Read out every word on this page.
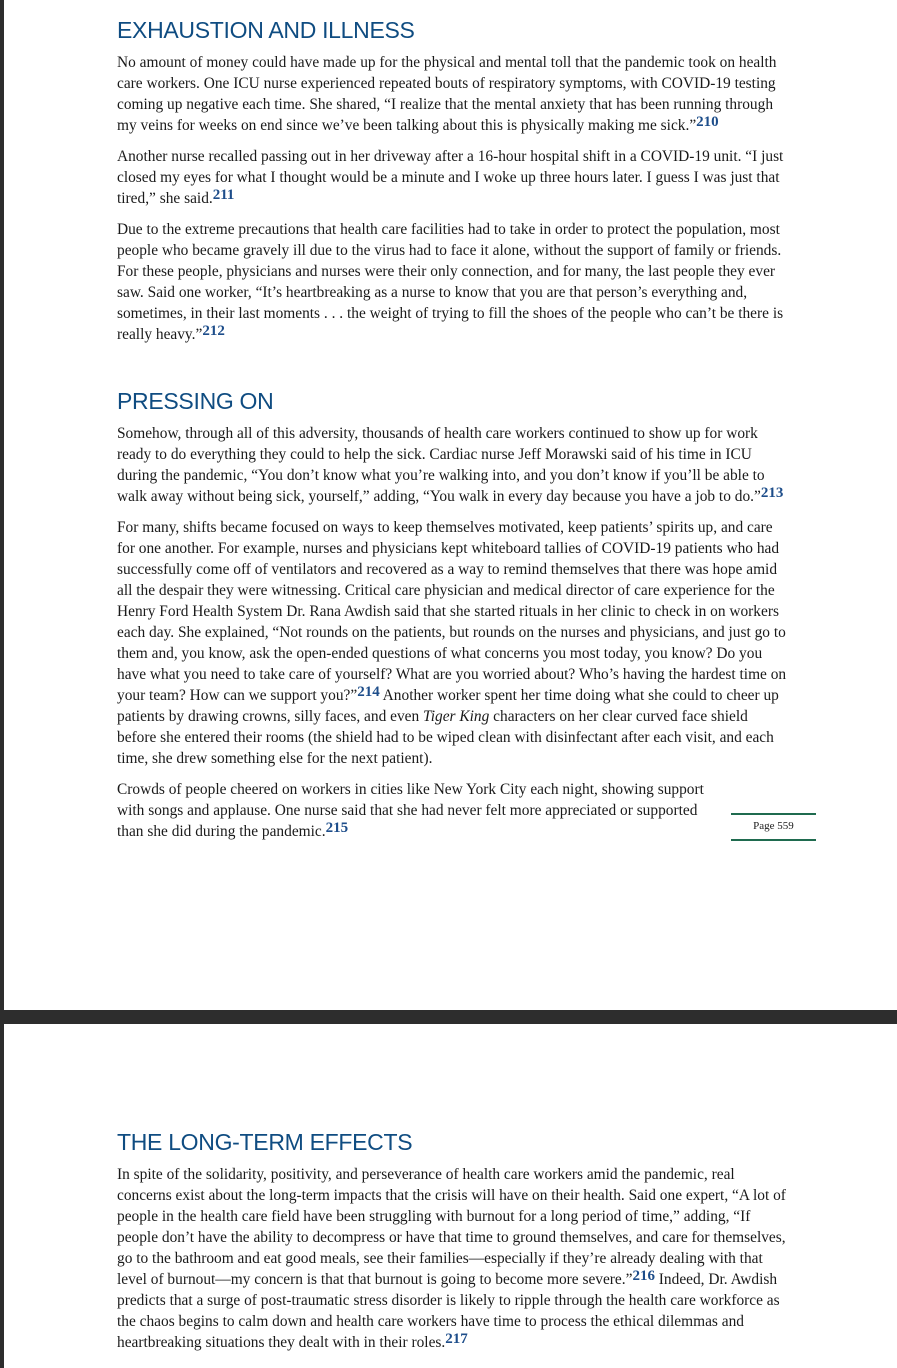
EXHAUSTION AND ILLNESS

No amount of money could have made up for the physical and mental toll that the pandemic took on health care workers. One ICU nurse experienced repeated bouts of respiratory symptoms, with COVID-19 testing coming up negative each time. She shared, “I realize that the mental anxiety that has been running through my veins for weeks on end since we’ve been talking about this is physically making me sick.”$^{210}$

Another nurse recalled passing out in her driveway after a 16-hour hospital shift in a COVID-19 unit. “I just closed my eyes for what I thought would be a minute and I woke up three hours later. I guess I was just that tired,” she said.$^{211}$

Due to the extreme precautions that health care facilities had to take in order to protect the population, most people who became gravely ill due to the virus had to face it alone, without the support of family or friends. For these people, physicians and nurses were their only connection, and for many, the last people they ever saw. Said one worker, “It’s heartbreaking as a nurse to know that you are that person’s everything and, sometimes, in their last moments . . . the weight of trying to fill the shoes of the people who can’t be there is really heavy.”$^{212}$

PRESSING ON

Somehow, through all of this adversity, thousands of health care workers continued to show up for work ready to do everything they could to help the sick. Cardiac nurse Jeff Morawski said of his time in ICU during the pandemic, “You don’t know what you’re walking into, and you don’t know if you’ll be able to walk away without being sick, yourself,” adding, “You walk in every day because you have a job to do.”$^{213}$

For many, shifts became focused on ways to keep themselves motivated, keep patients’ spirits up, and care for one another. For example, nurses and physicians kept whiteboard tallies of COVID-19 patients who had successfully come off of ventilators and recovered as a way to remind themselves that there was hope amid all the despair they were witnessing. Critical care physician and medical director of care experience for the Henry Ford Health System Dr. Rana Awdish said that she started rituals in her clinic to check in on workers each day. She explained, “Not rounds on the patients, but rounds on the nurses and physicians, and just go to them and, you know, ask the open-ended questions of what concerns you most today, you know? Do you have what you need to take care of yourself? What are you worried about? Who’s having the hardest time on your team? How can we support you?”$^{214}$ Another worker spent her time doing what she could to cheer up patients by drawing crowns, silly faces, and even Tiger King characters on her clear curved face shield before she entered their rooms (the shield had to be wiped clean with disinfectant after each visit, and each time, she drew something else for the next patient).

Crowds of people cheered on workers in cities like New York City each night, showing support with songs and applause. One nurse said that she had never felt more appreciated or supported than she did during the pandemic.$^{215}$	Page 559
THE LONG-TERM EFFECTS

In spite of the solidarity, positivity, and perseverance of health care workers amid the pandemic, real concerns exist about the long-term impacts that the crisis will have on their health. Said one expert, “A lot of people in the health care field have been struggling with burnout for a long period of time,” adding, “If people don’t have the ability to decompress or have that time to ground themselves, and care for themselves, go to the bathroom and eat good meals, see their families—especially if they’re already dealing with that level of burnout—my concern is that that burnout is going to become more severe.”$^{216}$ Indeed, Dr. Awdish predicts that a surge of post-traumatic stress disorder is likely to ripple through the health care workforce as the chaos begins to calm down and health care workers have time to process the ethical dilemmas and heartbreaking situations they dealt with in their roles.$^{217}$
